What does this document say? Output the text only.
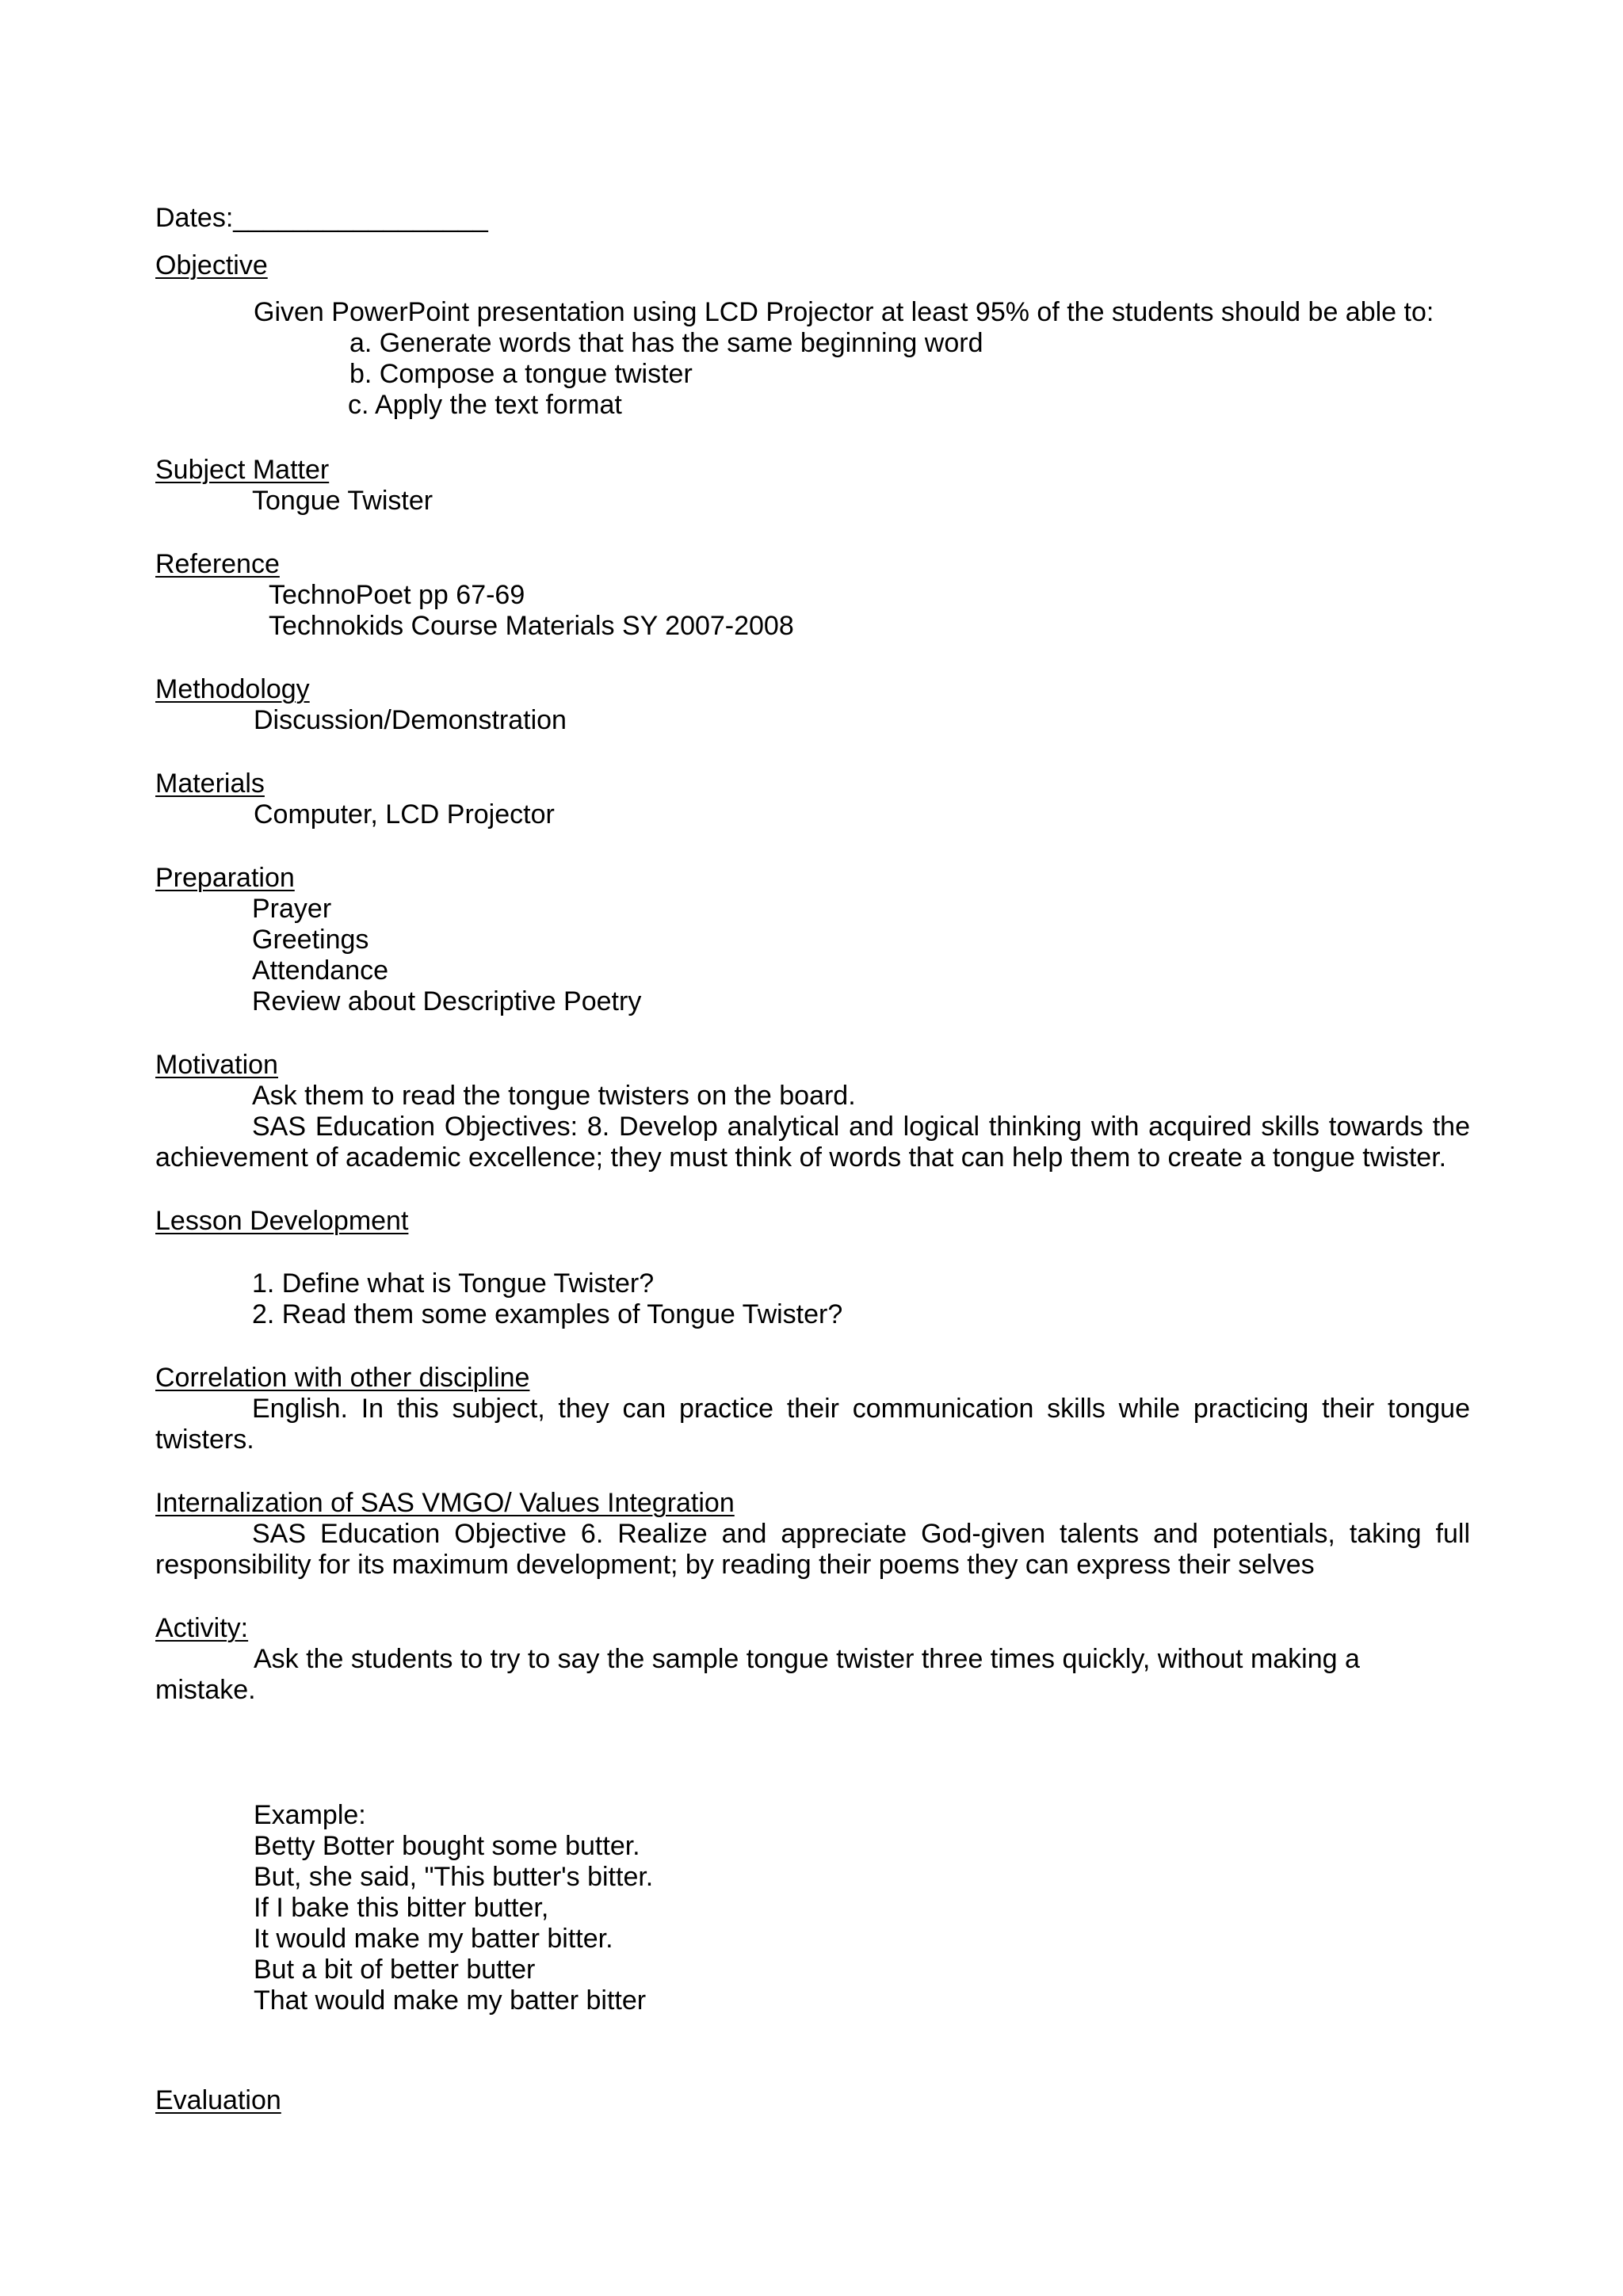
Dates:_________________
Objective
Given PowerPoint presentation using LCD Projector at least 95% of the students should be able to:
a. Generate words that has the same beginning word
b. Compose a tongue twister
c. Apply the text format
Subject Matter
Tongue Twister
Reference
TechnoPoet pp 67-69
Technokids Course Materials SY 2007-2008
Methodology
Discussion/Demonstration
Materials
Computer, LCD Projector
Preparation
Prayer
Greetings
Attendance
Review about Descriptive Poetry
Motivation
Ask them to read the tongue twisters on the board.
SAS Education Objectives: 8. Develop analytical and logical thinking with acquired skills towards the
achievement of academic excellence; they must think of words that can help them to create a tongue twister.
Lesson Development
1. Define what is Tongue Twister?
2. Read them some examples of Tongue Twister?
Correlation with other discipline
English. In this subject, they can practice their communication skills while practicing their tongue
twisters.
Internalization of SAS VMGO/ Values Integration
SAS Education Objective 6. Realize and appreciate God-given talents and potentials, taking full
responsibility for its maximum development; by reading their poems they can express their selves
Activity:
Ask the students to try to say the sample tongue twister three times quickly, without making a
mistake.
Example:
Betty Botter bought some butter.
But, she said, "This butter's bitter.
If I bake this bitter butter,
It would make my batter bitter.
But a bit of better butter
That would make my batter bitter
Evaluation
